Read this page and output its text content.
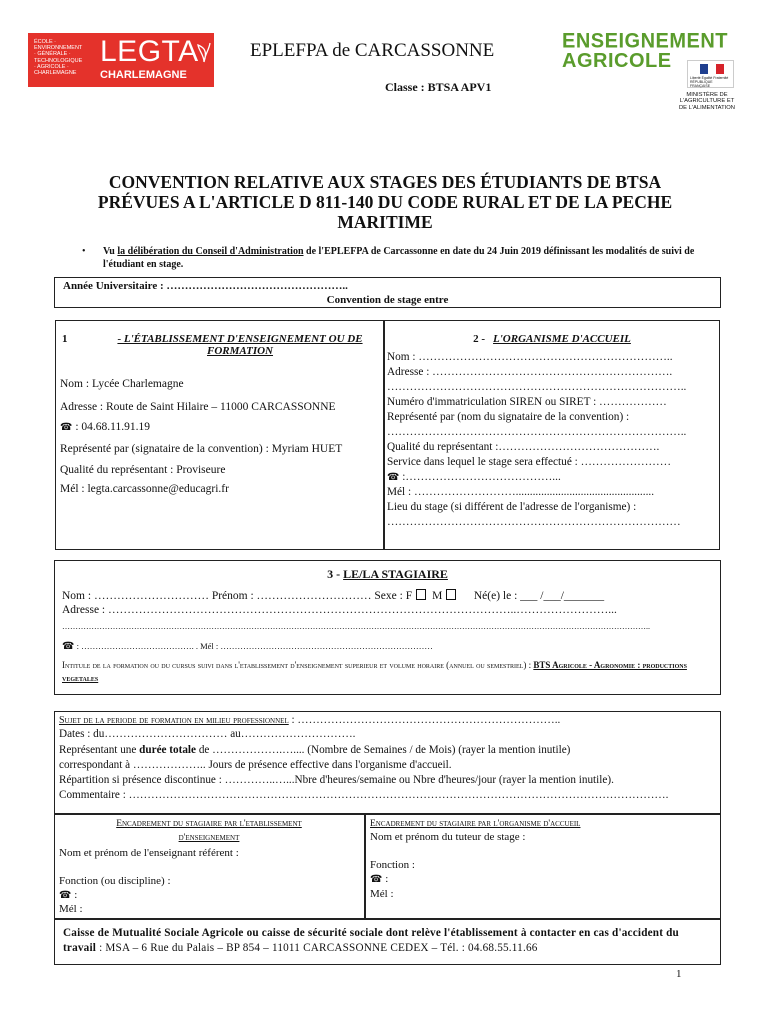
ÉCOLE · ENVIRONNEMENT · GÉNÉRALE · TECHNOLOGIQUE · AGRICOLE · CHARLEMAGNE
LEGTA
CHARLEMAGNE
EPLEFPA de CARCASSONNE
Classe : BTSA APV1
ENSEIGNEMENT
AGRICOLE
Liberté Égalité Fraternité RÉPUBLIQUE FRANÇAISE
MINISTÈRE DE L'AGRICULTURE ET DE L'ALIMENTATION
CONVENTION RELATIVE AUX STAGES DES ÉTUDIANTS DE BTSA
PRÉVUES A L'ARTICLE D 811-140 DU CODE RURAL ET DE LA PECHE
MARITIME
• Vu la délibération du Conseil d'Administration de l'EPLEFPA de Carcassonne en date du 24 Juin 2019 définissant les modalités de suivi de l'étudiant en stage.

Année Universitaire : …………………………………………..
Convention de stage entre
1	- L'ÉTABLISSEMENT D'ENSEIGNEMENT OU DE FORMATION
Nom : Lycée Charlemagne
Adresse : Route de Saint Hilaire – 11000 CARCASSONNE
☎ : 04.68.11.91.19
Représenté par (signataire de la convention) : Myriam HUET
Qualité du représentant : Proviseure
Mél : legta.carcassonne@educagri.fr
2 - L'ORGANISME D'ACCUEIL
Nom : …………………………………………………………..
Adresse : ……………………………………………………….
……………………………………………………………………..
Numéro d'immatriculation SIREN ou SIRET : ………………
Représenté par (nom du signataire de la convention) :
……………………………………………………………………..
Qualité du représentant :…………………………………….
Service dans lequel le stage sera effectué : ……………………
☎ :…………………………………...
Mél : ……………………….................................................
Lieu du stage (si différent de l'adresse de l'organisme) :
……………………………………………………………………
3 - LE/LA STAGIAIRE
Nom : ………………………… Prénom : ………………………… Sexe : F M	Né(e) le : ___ /___/_______
Adresse : ……………………………………………………………………………………………..……………………...
…………………………………………………………………………………………………………………………………………………………………………………………………..
☎ : …………………………………. . Mél : …………………………………………………………………
Intitule de la formation ou du cursus suivi dans l'etablissement d'enseignement superieur et volume horaire (annuel ou semestriel) : BTS Agricole - Agronomie : productions vegetales
Sujet de la periode de formation en milieu professionnel : ……………………………………………………………..
Dates : du…………………………… au………………………….
Représentant une durée totale de ……………….….... (Nombre de Semaines / de Mois) (rayer la mention inutile)
correspondant à ……………….. Jours de présence effective dans l'organisme d'accueil.
Répartition si présence discontinue : …………..…...Nbre d'heures/semaine ou Nbre d'heures/jour (rayer la mention inutile).
Commentaire : ……………………………………………………………………………………………………………………………….
Encadrement du stagiaire par l'etablissement
d'enseignement
Nom et prénom de l'enseignant référent :
Fonction (ou discipline) :
☎ :
Mél :
Encadrement du stagiaire par l'organisme d'accueil
Nom et prénom du tuteur de stage :
Fonction :
☎ :
Mél :
Caisse de Mutualité Sociale Agricole ou caisse de sécurité sociale dont relève l'établissement à contacter en cas d'accident du travail : MSA – 6 Rue du Palais – BP 854 – 11011 CARCASSONNE CEDEX – Tél. : 04.68.55.11.66
1
